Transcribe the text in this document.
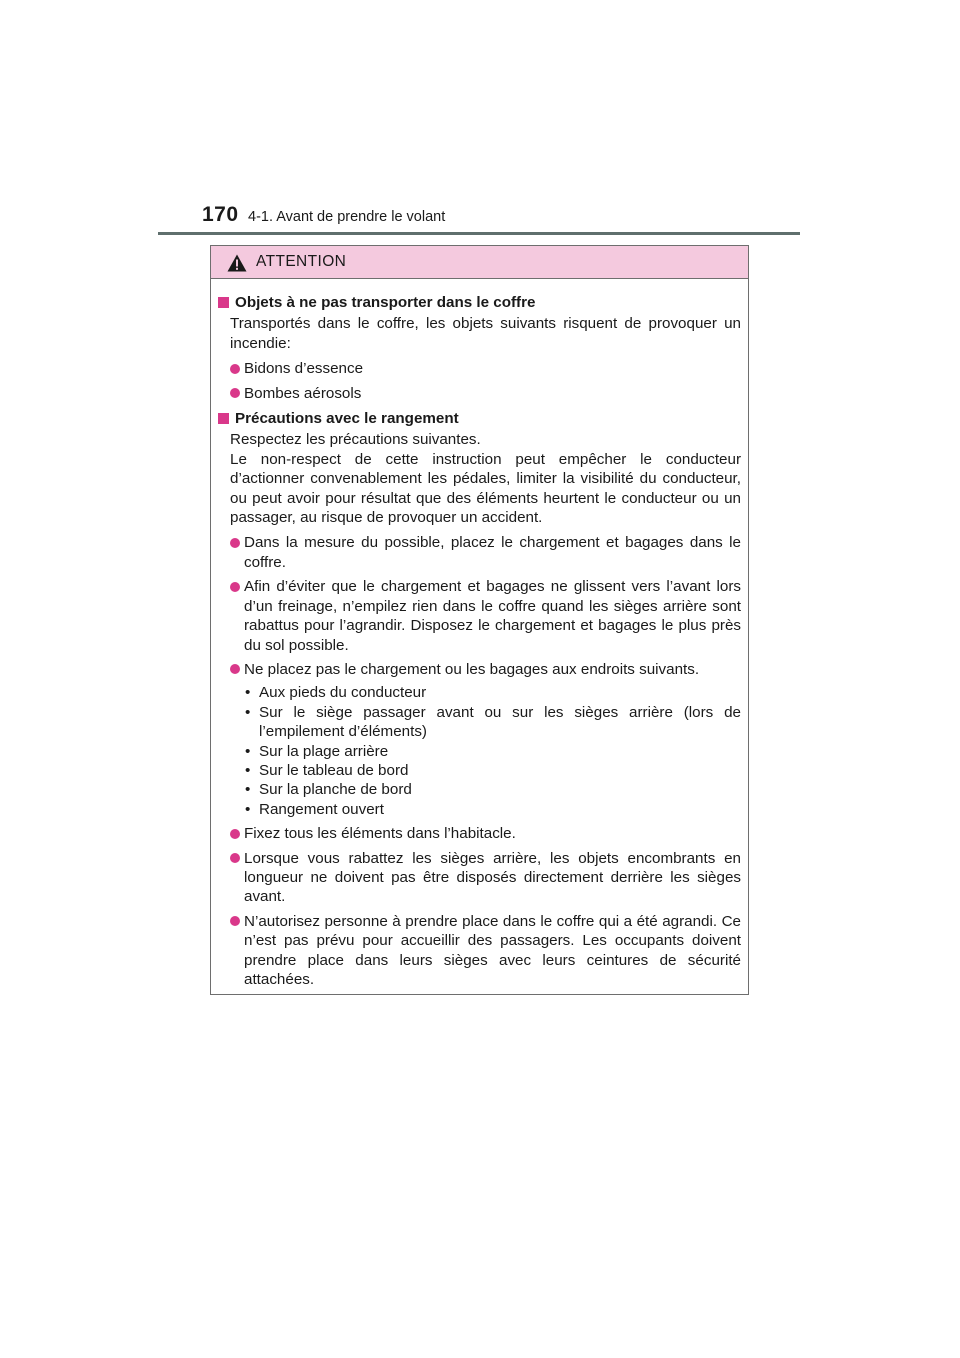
170 4-1. Avant de prendre le volant
ATTENTION
Objets à ne pas transporter dans le coffre

Transportés dans le coffre, les objets suivants risquent de provoquer un incendie:

Bidons d’essence
Bombes aérosols
Précautions avec le rangement

Respectez les précautions suivantes.

Le non-respect de cette instruction peut empêcher le conducteur d’actionner convenablement les pédales, limiter la visibilité du conducteur, ou peut avoir pour résultat que des éléments heurtent le conducteur ou un passager, au risque de provoquer un accident.

Dans la mesure du possible, placez le chargement et bagages dans le coffre.
Afin d’éviter que le chargement et bagages ne glissent vers l’avant lors d’un freinage, n’empilez rien dans le coffre quand les sièges arrière sont rabattus pour l’agrandir. Disposez le chargement et bagages le plus près du sol possible.
Ne placez pas le chargement ou les bagages aux endroits suivants.
• Aux pieds du conducteur
• Sur le siège passager avant ou sur les sièges arrière (lors de l’empilement d’éléments)
• Sur la plage arrière
• Sur le tableau de bord
• Sur la planche de bord
• Rangement ouvert
Fixez tous les éléments dans l’habitacle.
Lorsque vous rabattez les sièges arrière, les objets encombrants en longueur ne doivent pas être disposés directement derrière les sièges avant.
N’autorisez personne à prendre place dans le coffre qui a été agrandi. Ce n’est pas prévu pour accueillir des passagers. Les occupants doivent prendre place dans leurs sièges avec leurs ceintures de sécurité attachées.
